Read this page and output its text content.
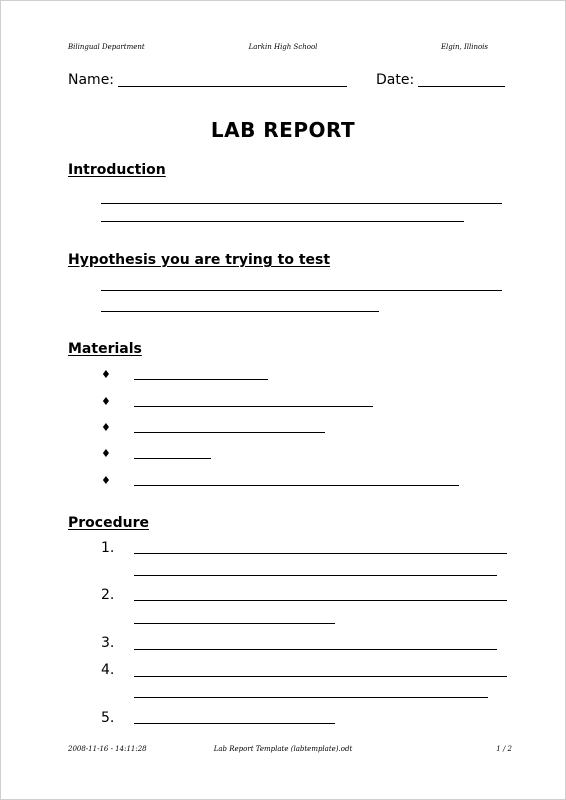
Bilingual Department	Larkin High School	Elgin, Illinois
Name:	Date:
LAB REPORT
Introduction
Hypothesis you are trying to test
Materials
♦
♦
♦
♦
♦
Procedure
1.
2.
3.
4.
5.
2008-11-16 - 14:11:28	Lab Report Template (labtemplate).odt	1 / 2
